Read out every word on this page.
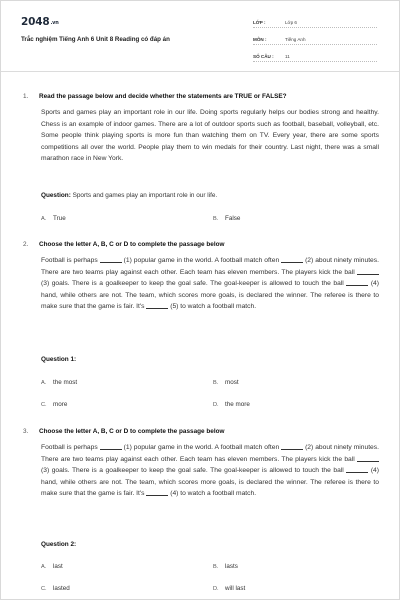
2048.vn
Trắc nghiệm Tiếng Anh 6 Unit 8 Reading có đáp án
LỚP :	Lớp 6
MÔN :	Tiếng Anh
SỐ CÂU :	11
1. Read the passage below and decide whether the statements are TRUE or FALSE?
Sports and games play an important role in our life. Doing sports regularly helps our bodies strong and healthy. Chess is an example of indoor games. There are a lot of outdoor sports such as football, baseball, volleyball, etc. Some people think playing sports is more fun than watching them on TV. Every year, there are some sports competitions all over the world. People play them to win medals for their country. Last night, there was a small marathon race in New York.
Question: Sports and games play an important role in our life.
A. True	B. False
2. Choose the letter A, B, C or D to complete the passage below
Football is perhaps	(1) popular game in the world. A football match often	(2) about ninety minutes. There are two teams play against each other. Each team has eleven members. The players kick the ball  (3) goals. There is a goalkeeper to keep the goal safe. The goal-keeper is allowed to touch the ball	(4) hand, while others are not. The team, which scores more goals, is declared the winner. The referee is there to make sure that the game is fair. It's	(5) to watch a football match.
Question 1:
A. the most	B. most
C. more	D. the more
3. Choose the letter A, B, C or D to complete the passage below
Football is perhaps	(1) popular game in the world. A football match often	(2) about ninety minutes. There are two teams play against each other. Each team has eleven members. The players kick the ball  (3) goals. There is a goalkeeper to keep the goal safe. The goal-keeper is allowed to touch the ball	(4) hand, while others are not. The team, which scores more goals, is declared the winner. The referee is there to make sure that the game is fair. It's	(4) to watch a football match.
Question 2:
A. last	B. lasts
C. lasted	D. will last
